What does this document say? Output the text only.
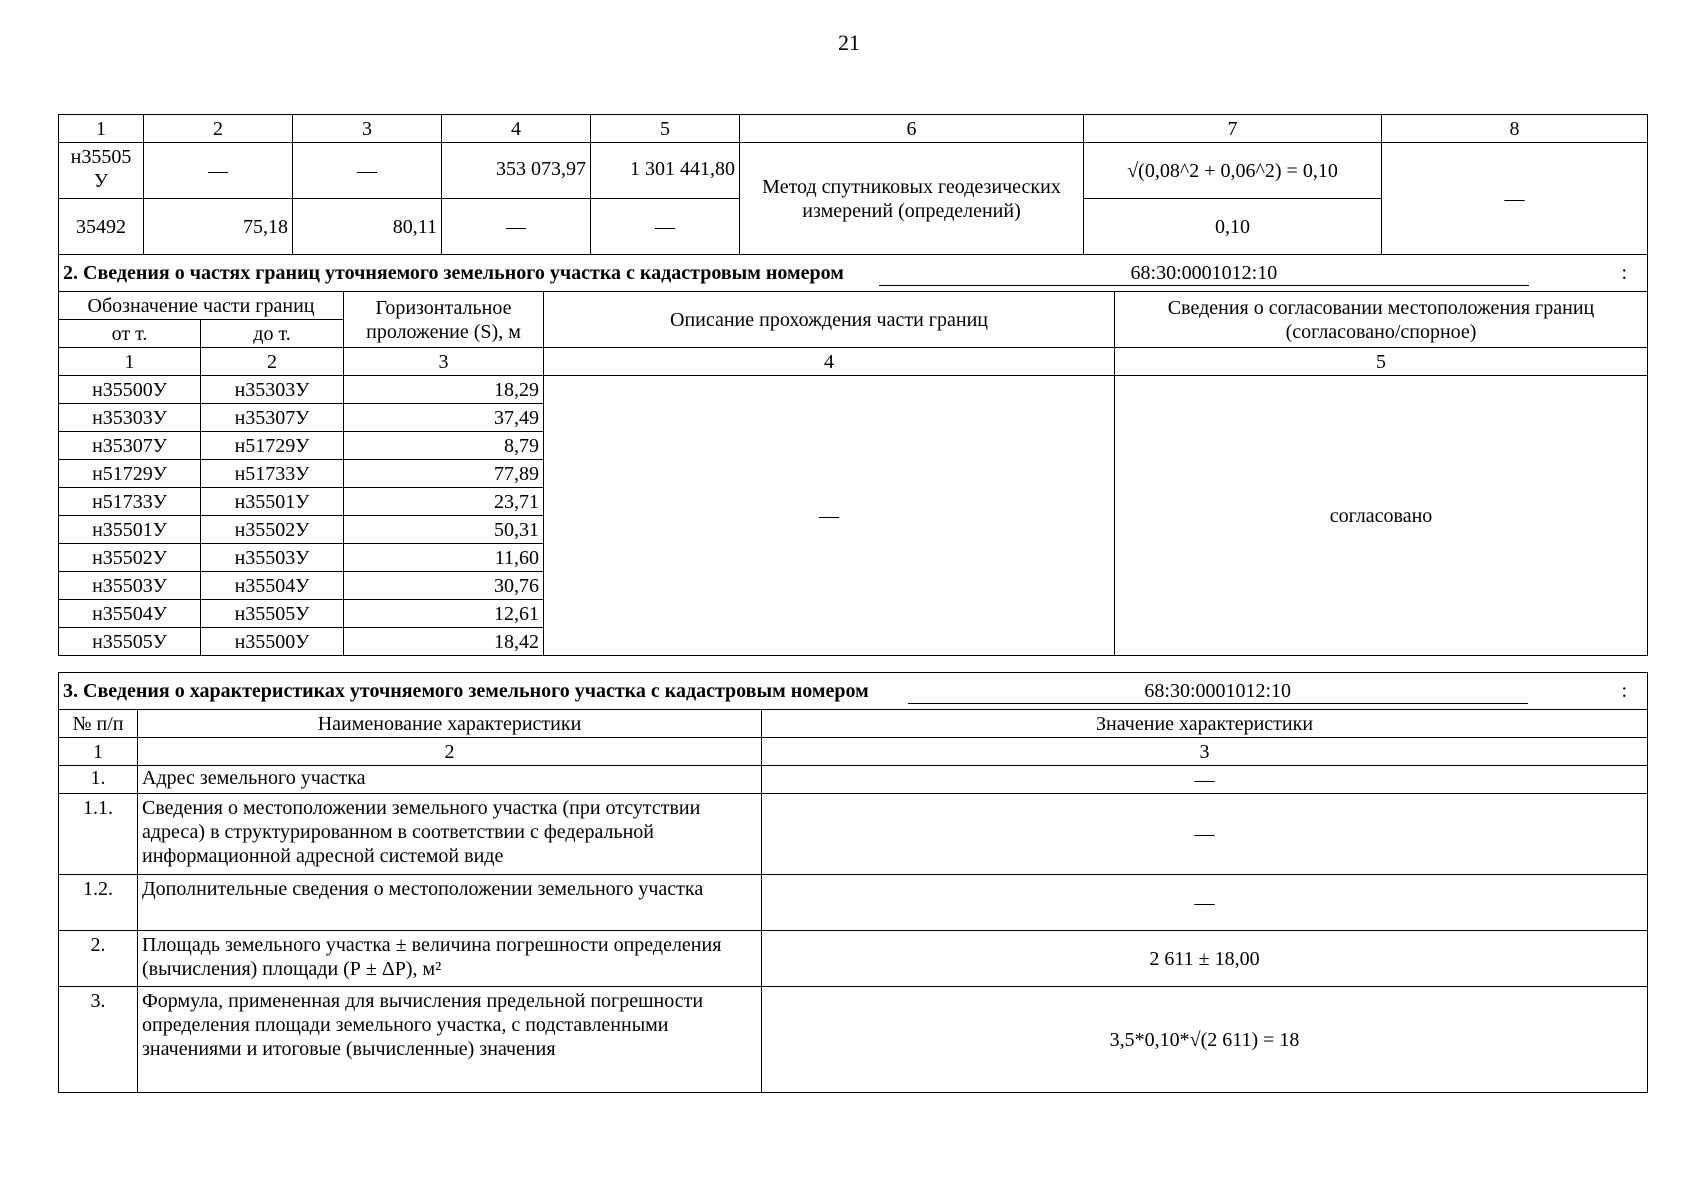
21
1	2	3	4	5	6	7	8
н35505 У	—	—	353 073,97	1 301 441,80	Метод спутниковых геодезических измерений (определений)	√(0,08^2 + 0,06^2) = 0,10	—
35492	75,18	80,11	—	—		0,10	
2. Сведения о частях границ уточняемого земельного участка с кадастровым номером 68:30:0001012:10 :				

Обозначение части границ		Горизонтальное проложение (S), м	Описание прохождения части границ	Сведения о согласовании местоположения границ (согласовано/спорное)
от т.	до т.			
1	2	3	4	5
н35500У	н35303У	18,29	—	согласовано
н35303У	н35307У	37,49		
н35307У	н51729У	8,79		
н51729У	н51733У	77,89		
н51733У	н35501У	23,71		
н35501У	н35502У	50,31		
н35502У	н35503У	11,60		
н35503У	н35504У	30,76		
н35504У	н35505У	12,61		
н35505У	н35500У	18,42		
3. Сведения о характеристиках уточняемого земельного участка с кадастровым номером 68:30:0001012:10 :		

№ п/п	Наименование характеристики	Значение характеристики
1	2	3
1.	Адрес земельного участка	—
1.1.	Сведения о местоположении земельного участка (при отсутствии адреса) в структурированном в соответствии с федеральной информационной адресной системой виде	—
1.2.	Дополнительные сведения о местоположении земельного участка	—
2.	Площадь земельного участка ± величина погрешности определения (вычисления) площади (Р ± ΔР), м²	2 611 ± 18,00
3.	Формула, примененная для вычисления предельной погрешности определения площади земельного участка, с подставленными значениями и итоговые (вычисленные) значения	3,5*0,10*√(2 611) = 18
